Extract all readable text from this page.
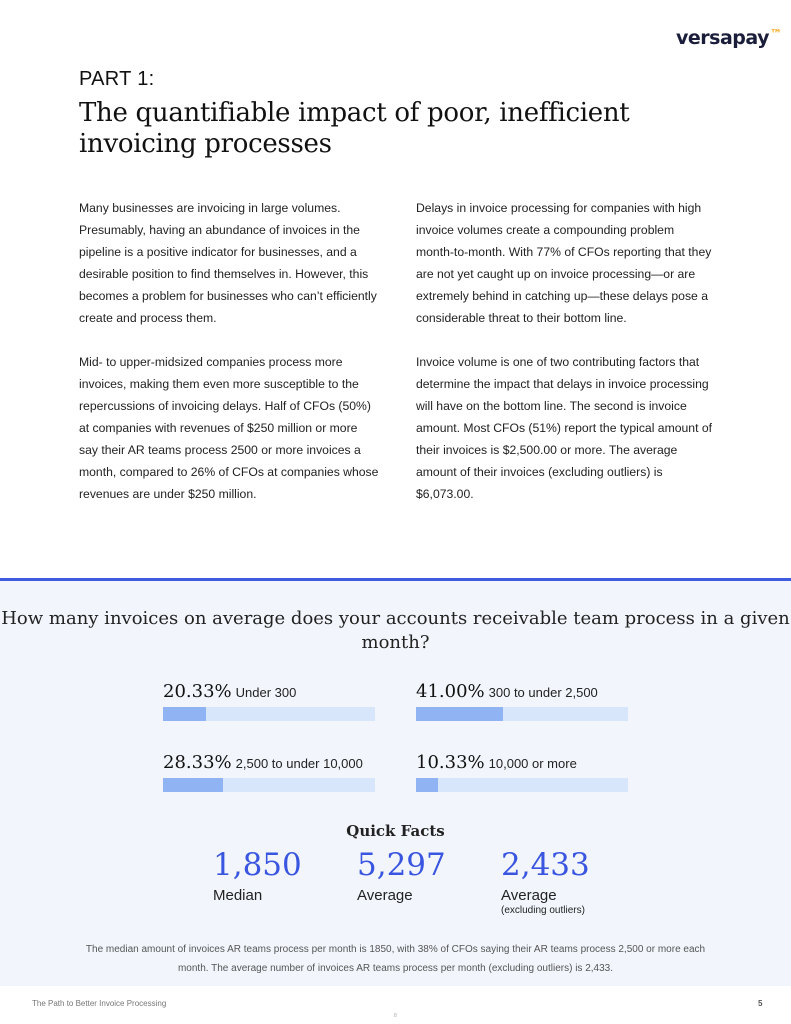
versapay™
PART 1:
The quantifiable impact of poor, inefficient invoicing processes

Many businesses are invoicing in large volumes. Presumably, having an abundance of invoices in the pipeline is a positive indicator for businesses, and a desirable position to find themselves in. However, this becomes a problem for businesses who can’t efficiently create and process them.

Mid- to upper-midsized companies process more invoices, making them even more susceptible to the repercussions of invoicing delays. Half of CFOs (50%) at companies with revenues of $250 million or more say their AR teams process 2500 or more invoices a month, compared to 26% of CFOs at companies whose revenues are under $250 million.

Delays in invoice processing for companies with high invoice volumes create a compounding problem month-to-month. With 77% of CFOs reporting that they are not yet caught up on invoice processing—or are extremely behind in catching up—these delays pose a considerable threat to their bottom line.

Invoice volume is one of two contributing factors that determine the impact that delays in invoice processing will have on the bottom line. The second is invoice amount. Most CFOs (51%) report the typical amount of their invoices is $2,500.00 or more. The average amount of their invoices (excluding outliers) is $6,073.00.

How many invoices on average does your accounts receivable team process in a given month?
20.33% Under 300	41.00% 300 to under 2,500
28.33% 2,500 to under 10,000	10.33% 10,000 or more
Quick Facts
1,850
Median
5,297
Average
2,433
Average
(excluding outliers)
The median amount of invoices AR teams process per month is 1850, with 38% of CFOs saying their AR teams process 2,500 or more each month. The average number of invoices AR teams process per month (excluding outliers) is 2,433.
The Path to Better Invoice Processing	5
8
